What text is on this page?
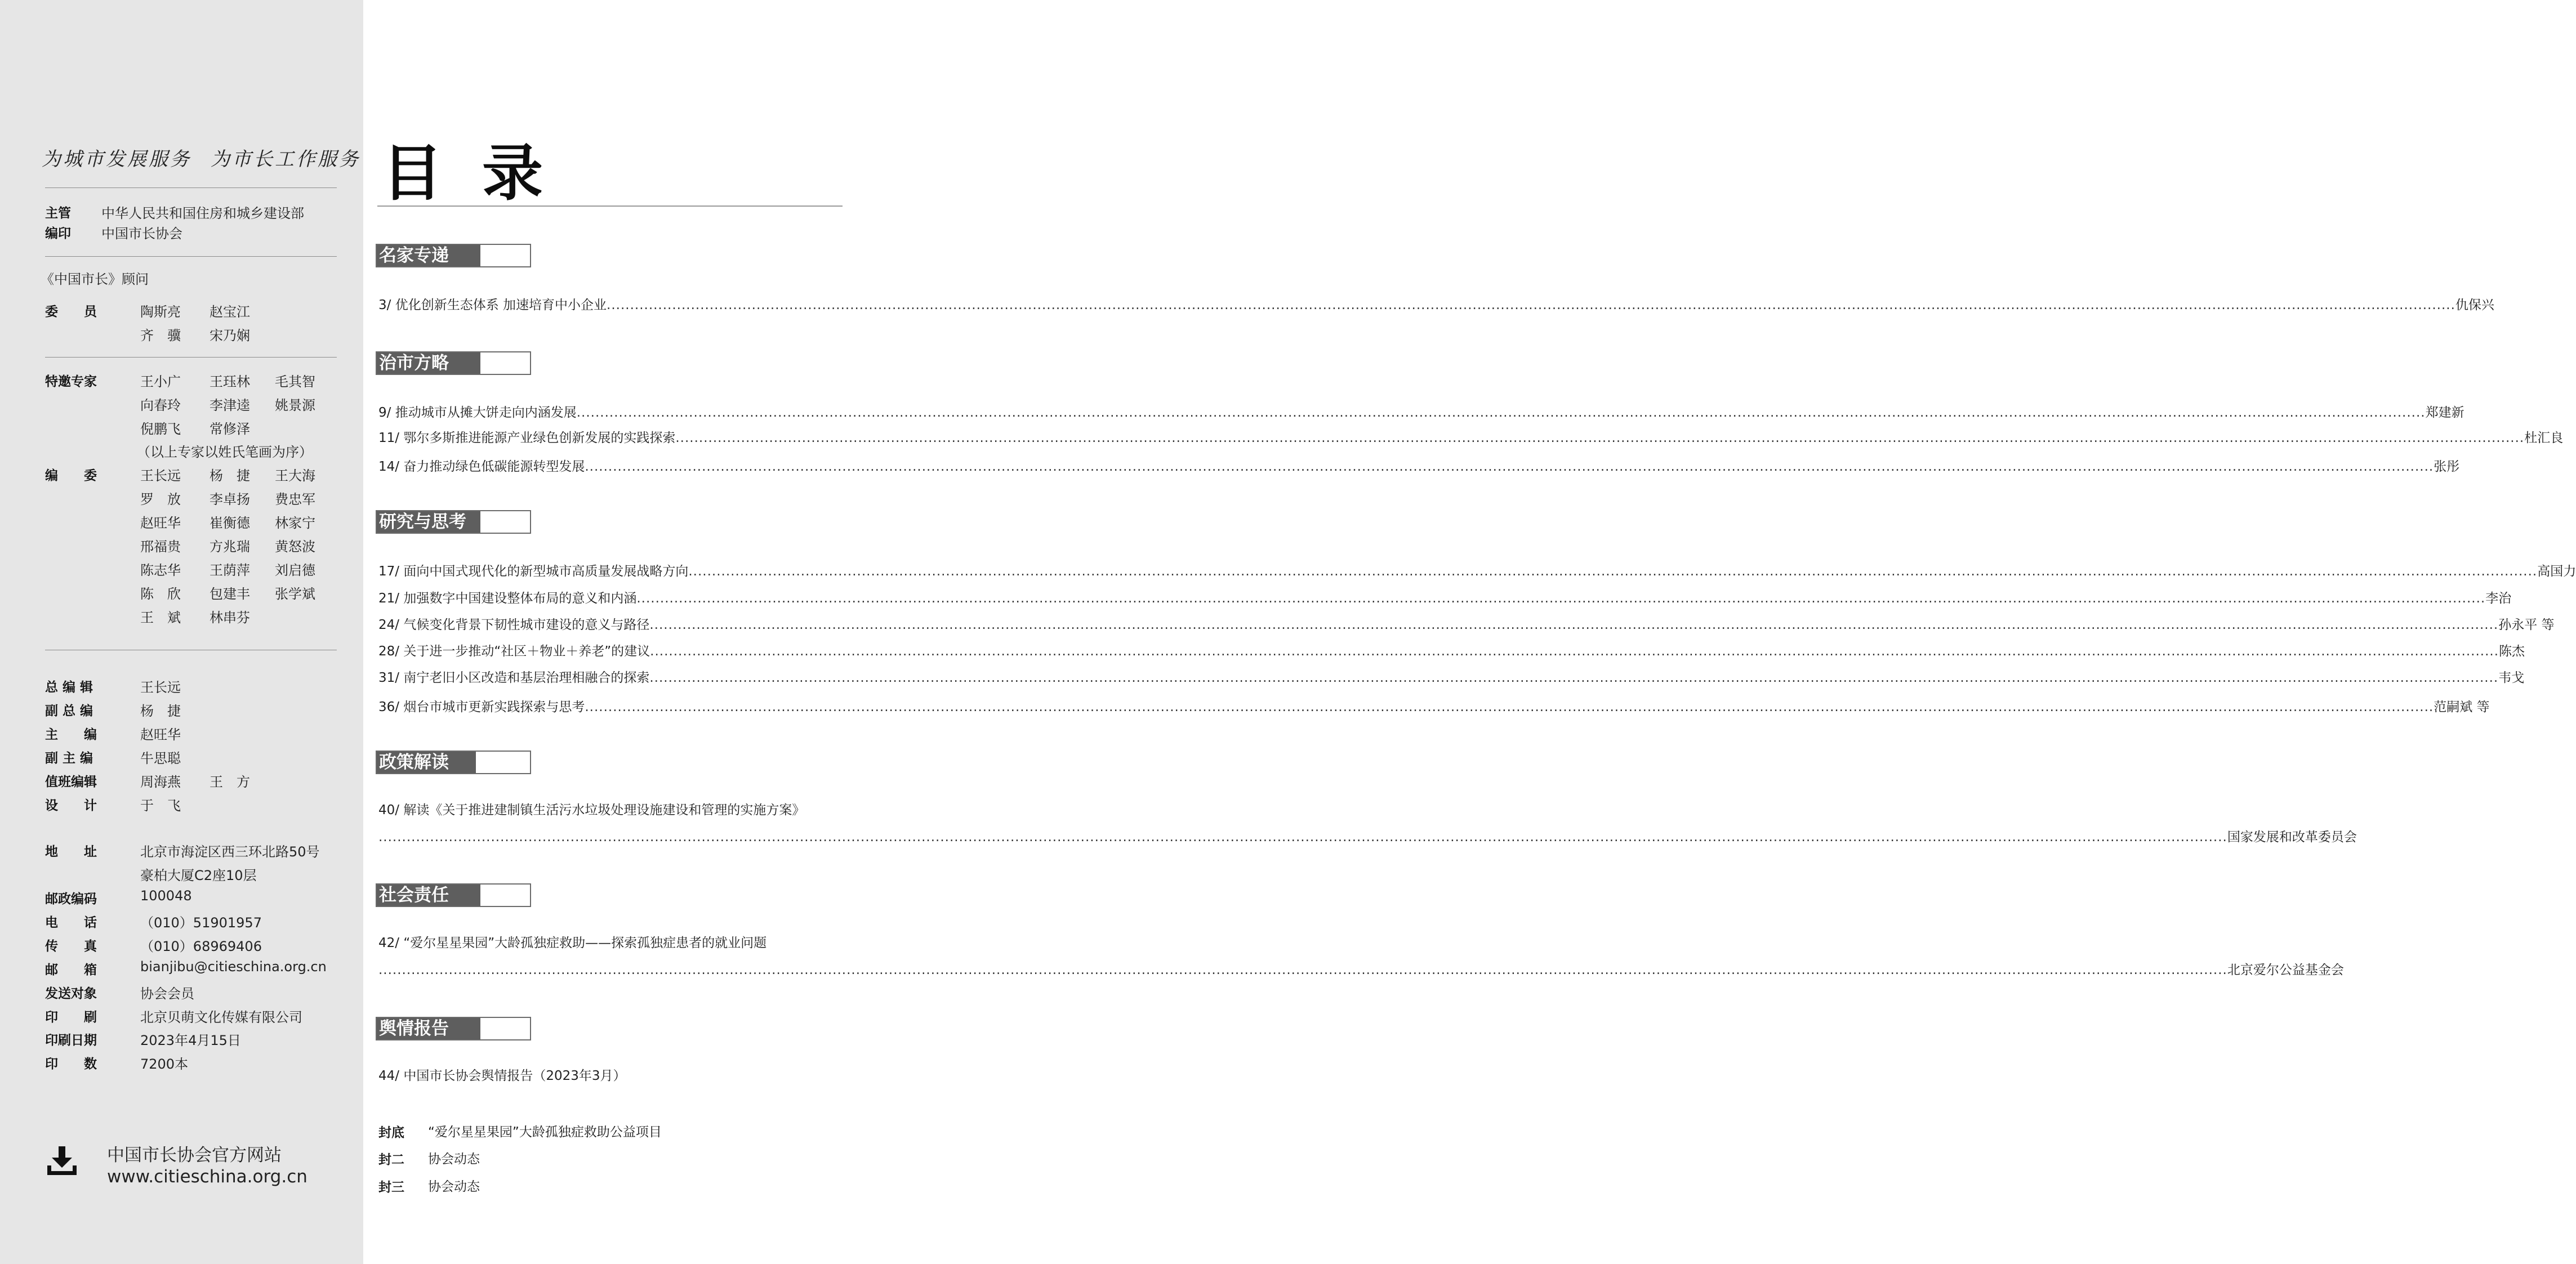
为城市发展服务 为市长工作服务
主管 中华人民共和国住房和城乡建设部
编印 中国市长协会
《中国市长》顾问
委　　员	陶斯亮 赵宝江
齐　骥 宋乃娴
特邀专家	王小广 王珏林 毛其智
向春玲 李津逵 姚景源
倪鹏飞 常修泽
（以上专家以姓氏笔画为序）
编　　委	王长远 杨　捷 王大海
罗　放 李卓扬 费忠军
赵旺华 崔衡德 林家宁
邢福贵 方兆瑞 黄怒波
陈志华 王荫萍 刘启德
陈　欣 包建丰 张学斌
王　斌 林串芬
总 编 辑	王长远
副 总 编	杨　捷
主　　编	赵旺华
副 主 编	牛思聪
值班编辑	周海燕 王　方
设　　计	于　飞
地　　址	北京市海淀区西三环北路50号
豪柏大厦C2座10层
邮政编码	100048
电　　话	（010）51901957
传　　真	（010）68969406
邮　　箱	bianjibu@citieschina.org.cn
发送对象	协会会员
印　　刷	北京贝萌文化传媒有限公司
印刷日期	2023年4月15日
印　　数	7200本
中国市长协会官方网站
www.citieschina.org.cn
目录
名家专递
3/ 优化创新生态体系 加速培育中小企业 ........................................................................................................................................................................................................................................................................................................................................................................................................... 仇保兴
治市方略
9/ 推动城市从摊大饼走向内涵发展 ........................................................................................................................................................................................................................................................................................................................................................................................................... 郑建新
11/ 鄂尔多斯推进能源产业绿色创新发展的实践探索 ........................................................................................................................................................................................................................................................................................................................................................................................................... 杜汇良
14/ 奋力推动绿色低碳能源转型发展 ........................................................................................................................................................................................................................................................................................................................................................................................................... 张彤
研究与思考
17/ 面向中国式现代化的新型城市高质量发展战略方向 ........................................................................................................................................................................................................................................................................................................................................................................................................... 高国力
21/ 加强数字中国建设整体布局的意义和内涵 ........................................................................................................................................................................................................................................................................................................................................................................................................... 李治
24/ 气候变化背景下韧性城市建设的意义与路径 ........................................................................................................................................................................................................................................................................................................................................................................................................... 孙永平 等
28/ 关于进一步推动“社区＋物业＋养老”的建议 ........................................................................................................................................................................................................................................................................................................................................................................................................... 陈杰
31/ 南宁老旧小区改造和基层治理相融合的探索 ........................................................................................................................................................................................................................................................................................................................................................................................................... 韦戈
36/ 烟台市城市更新实践探索与思考 ........................................................................................................................................................................................................................................................................................................................................................................................................... 范嗣斌 等
政策解读
40/ 解读《关于推进建制镇生活污水垃圾处理设施建设和管理的实施方案》
........................................................................................................................................................................................................................................................................................................................................................................................................... 国家发展和改革委员会
社会责任
42/ “爱尔星星果园”大龄孤独症救助——探索孤独症患者的就业问题
........................................................................................................................................................................................................................................................................................................................................................................................................... 北京爱尔公益基金会
舆情报告
44/ 中国市长协会舆情报告（2023年3月）
封底 “爱尔星星果园”大龄孤独症救助公益项目
封二 协会动态
封三 协会动态
